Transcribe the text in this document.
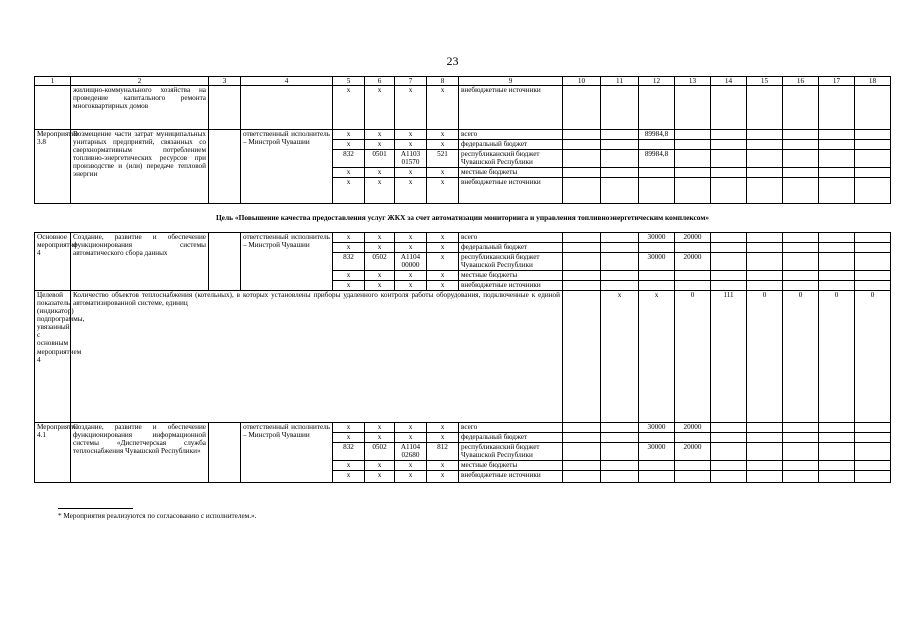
23
1	2	3	4	5	6	7	8	9	10	11	12	13	14	15	16	17	18	
	жилищно-коммунального хозяйства на проведение капитального ремонта многоквартирных домов			x	x	x	x	внебюджетные источники										
Мероприятие 3.8	Возмещение части затрат муниципальных унитарных предприятий, связанных со сверхнормативным потреблением топливно-энергетических ресурсов при производстве и (или) передаче тепловой энергии		ответственный исполнитель – Минстрой Чувашии	x	x	x	x	всего			89984,8							
				x	x	x	x	федеральный бюджет										
				832	0501	A1103 01570	521	республиканский бюджет Чувашской Республики			89984,8							
				x	x	x	x	местные бюджеты										
				x	x	x	x	внебюджетные источники										
Цель «Повышение качества предоставления услуг ЖКХ за счет автоматизации мониторинга и управления топливноэнергетическим комплексом»																		
Основное мероприятие 4	Создание, развитие и обеспечение функционирования системы автоматического сбора данных		ответственный исполнитель – Минстрой Чувашии	x	x	x	x	всего			30000	20000						
				x	x	x	x	федеральный бюджет										
				832	0502	A1104 00000	x	республиканский бюджет Чувашской Республики			30000	20000						
				x	x	x	x	местные бюджеты										
				x	x	x	x	внебюджетные источники										
Целевой показатель (индикатор) подпрограммы, увязанный с основным мероприятием 4	Количество объектов теплоснабжения (котельных), в которых установлены приборы удаленного контроля работы оборудования, подключенные к единой автоматизированной системе, единиц									x	x	0	111	0	0	0	0	
Мероприятие 4.1	Создание, развитие и обеспечение функционирования информационной системы «Диспетчерская служба теплоснабжения Чувашской Республики»		ответственный исполнитель – Минстрой Чувашии	x	x	x	x	всего			30000	20000						
				x	x	x	x	федеральный бюджет										
				832	0502	A1104 02680	812	республиканский бюджет Чувашской Республики			30000	20000						
				x	x	x	x	местные бюджеты										
				x	x	x	x	внебюджетные источники										
* Мероприятия реализуются по согласованию с исполнителем.».
